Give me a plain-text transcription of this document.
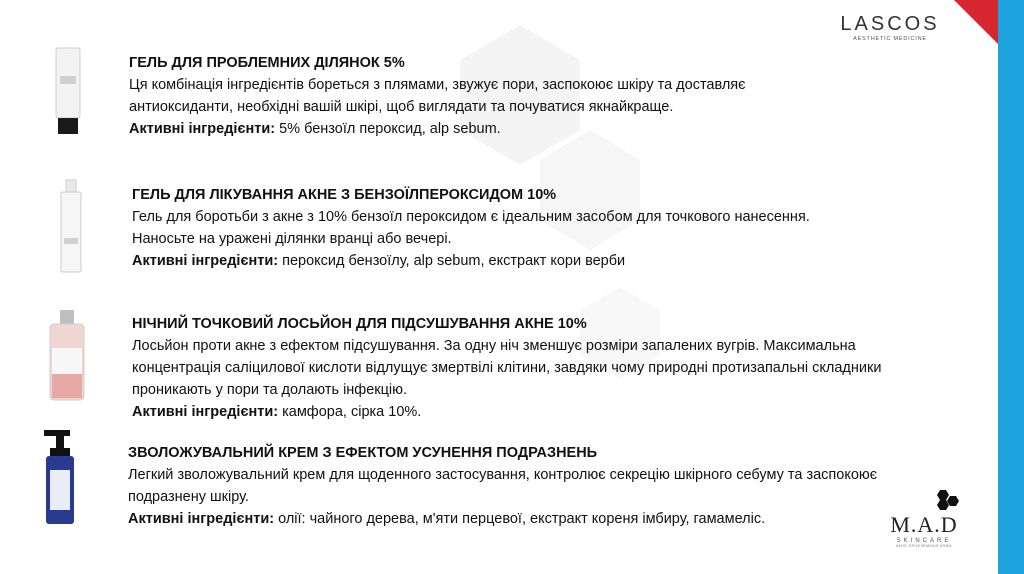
LASCOS
AESTHETIC MEDICINE

ГЕЛЬ ДЛЯ ПРОБЛЕМНИХ ДІЛЯНОК 5%

Ця комбінація інгредієнтів бореться з плямами, звужує пори, заспокоює шкіру та доставляє

антиоксиданти, необхідні вашій шкірі, щоб виглядати та почуватися якнайкраще.

Активні інгредієнти: 5% бензоїл пероксид, alp sebum.

ГЕЛЬ ДЛЯ ЛІКУВАННЯ АКНЕ З БЕНЗОЇЛПЕРОКСИДОМ 10%

Гель для боротьби з акне з 10% бензоїл пероксидом є ідеальним засобом для точкового нанесення.

Наносьте на уражені ділянки вранці або вечері.

Активні інгредієнти: пероксид бензоїлу, alp sebum, екстракт кори верби

НІЧНИЙ ТОЧКОВИЙ ЛОСЬЙОН ДЛЯ ПІДСУШУВАННЯ АКНЕ 10%

Лосьйон проти акне з ефектом підсушування. За одну ніч зменшує розміри запалених вугрів. Максимальна

концентрація саліцилової кислоти відлущує змертвілі клітини, завдяки чому природні протизапальні складники

проникають у пори та долають інфекцію.

Активні інгредієнти: камфора, сірка 10%.

ЗВОЛОЖУВАЛЬНИЙ КРЕМ З ЕФЕКТОМ УСУНЕННЯ ПОДРАЗНЕНЬ

Легкий зволожувальний крем для щоденного застосування, контролює секрецію шкірного себуму та заспокоює

подразнену шкіру.

Активні інгредієнти: олії: чайного дерева, м'яти перцевої, екстракт кореня імбиру, гамамеліс.	M.A.D
SKINCARE
АКНЕ ПРОБЛЕМНАЯ КОЖА
